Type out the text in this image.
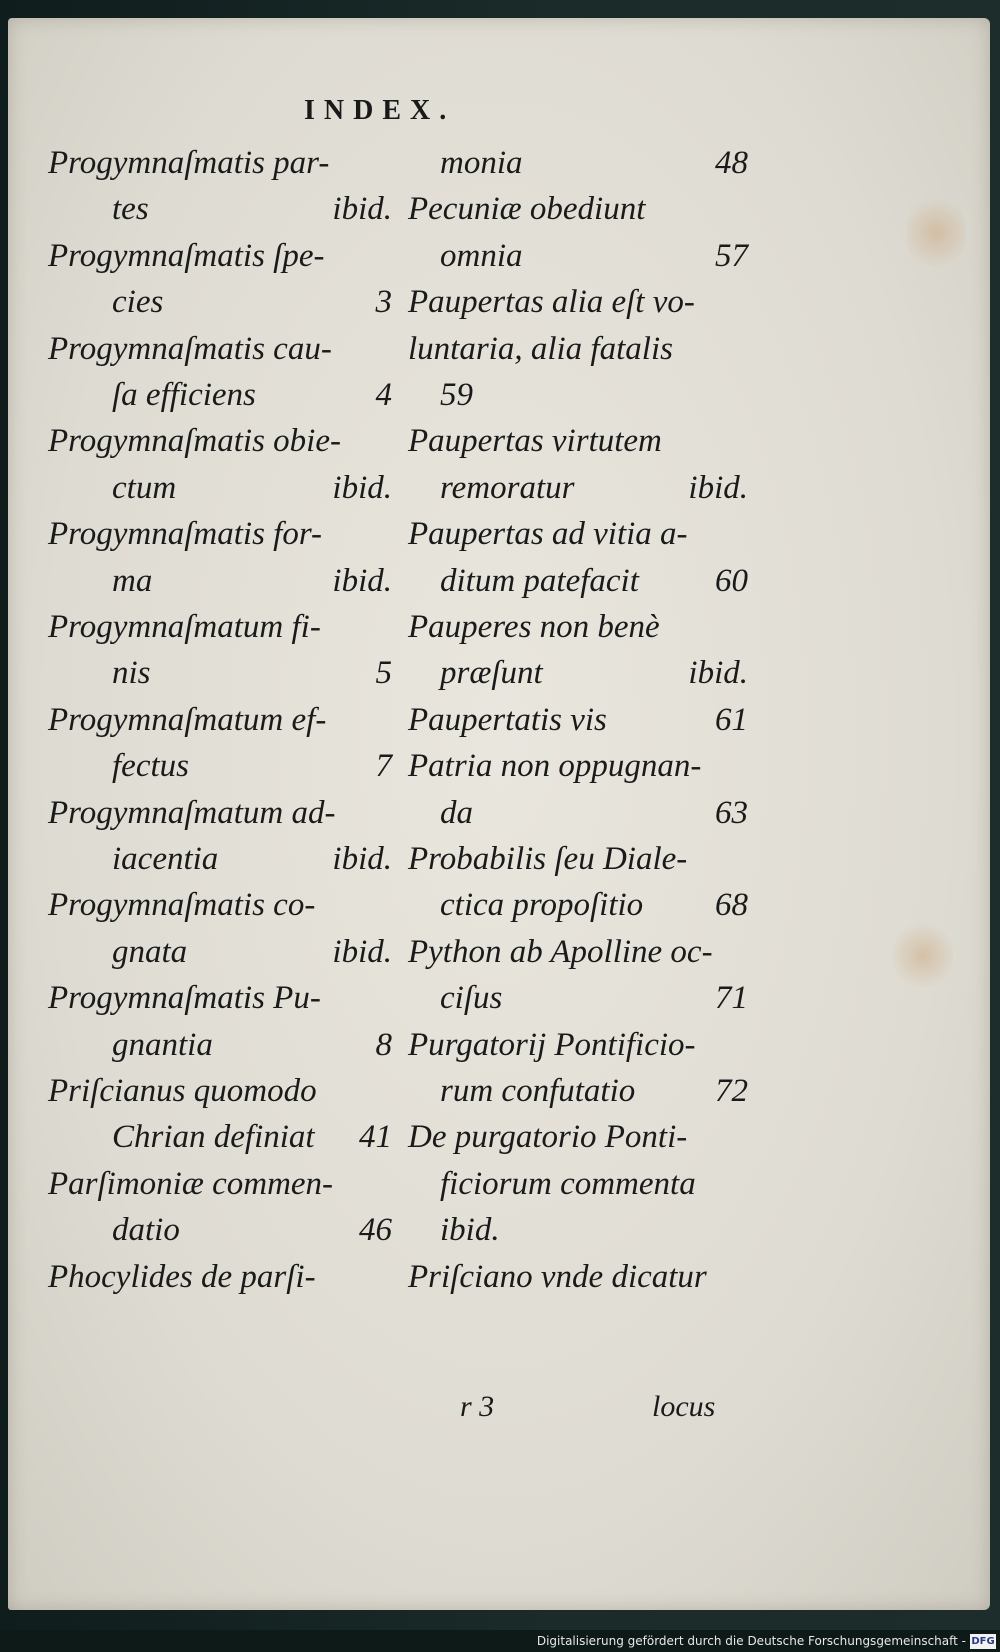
INDEX.
Progymnaſmatis par-
tes	ibid.
Progymnaſmatis ſpe-
cies	3
Progymnaſmatis cau-
ſa efficiens	4
Progymnaſmatis obie-
ctum	ibid.
Progymnaſmatis for-
ma	ibid.
Progymnaſmatum fi-
nis	5
Progymnaſmatum ef-
fectus	7
Progymnaſmatum ad-
iacentia	ibid.
Progymnaſmatis co-
gnata	ibid.
Progymnaſmatis Pu-
gnantia	8
Priſcianus quomodo
Chrian definiat	41
Parſimoniæ commen-
datio	46
Phocylides de parſi-
monia	48
Pecuniæ obediunt
omnia	57
Paupertas alia eſt vo-
luntaria, alia fatalis
59
Paupertas virtutem
remoratur	ibid.
Paupertas ad vitia a-
ditum patefacit	60
Pauperes non benè
præſunt	ibid.
Paupertatis vis	61
Patria non oppugnan-
da	63
Probabilis ſeu Diale-
ctica propoſitio	68
Python ab Apolline oc-
ciſus	71
Purgatorij Pontificio-
rum confutatio	72
De purgatorio Ponti-
ficiorum commenta
ibid.
Priſciano vnde dicatur
r 3	locus
Digitalisierung gefördert durch die Deutsche Forschungsgemeinschaft - DFG
